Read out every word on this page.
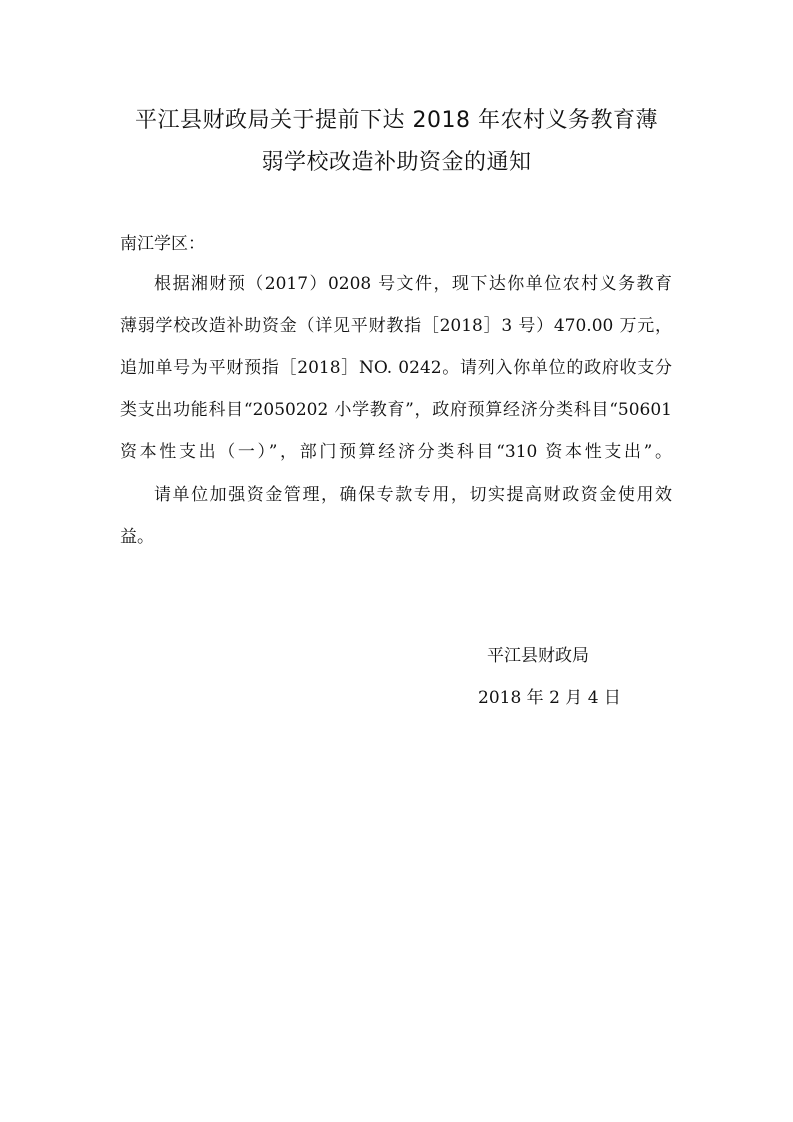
平江县财政局关于提前下达 2018 年农村义务教育薄
弱学校改造补助资金的通知
南江学区：
根据湘财预（2017）0208 号文件，现下达你单位农村义务教育
薄弱学校改造补助资金（详见平财教指［2018］3 号）470.00 万元，
追加单号为平财预指［2018］NO. 0242。请列入你单位的政府收支分
类支出功能科目“2050202 小学教育”，政府预算经济分类科目“50601
资本性支出（一）”，部门预算经济分类科目“310 资本性支出”。
请单位加强资金管理，确保专款专用，切实提高财政资金使用效
益。
平江县财政局
2018 年 2 月 4 日
